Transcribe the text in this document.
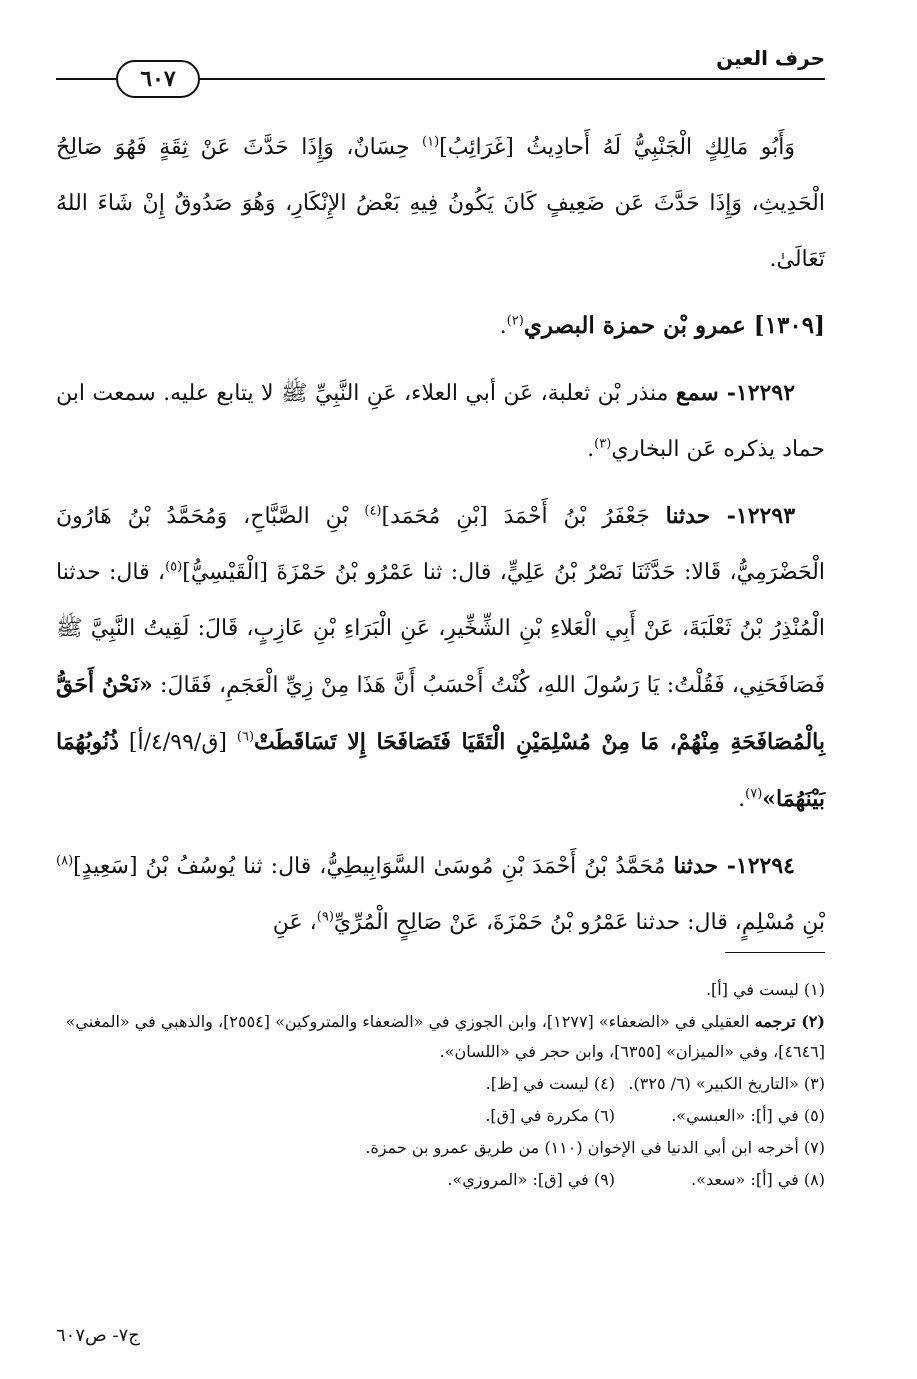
حرف العين
٦٠٧

وَأَبُو مَالِكٍ الْجَنْبِيُّ لَهُ أَحادِيثُ [غَرَائِبُ]$^{(١)}$ حِسَانٌ، وَإِذَا حَدَّثَ عَنْ ثِقَةٍ فَهُوَ صَالِحُ الْحَدِيثِ، وَإِذَا حَدَّثَ عَن ضَعِيفٍ كَانَ يَكُونُ فِيهِ بَعْضُ الإِنْكَارِ، وَهُوَ صَدُوقٌ إِنْ شَاءَ اللهُ تَعَالَىٰ.

[١٣٠٩] عمرو بْن حمزة البصري$^{(٢)}$.

١٢٢٩٢- سمع منذر بْن ثعلبة، عَن أبي العلاء، عَنِ النَّبِيِّ ﷺ لا يتابع عليه. سمعت ابن حماد يذكره عَن البخاري$^{(٣)}$.

١٢٢٩٣- حدثنا جَعْفَرُ بْنُ أَحْمَدَ [بْنِ مُحَمَد]$^{(٤)}$ بْنِ الصَّبَّاحِ، وَمُحَمَّدُ بْنُ هَارُونَ الْحَضْرَمِيُّ، قَالا: حَدَّثَنَا نَصْرُ بْنُ عَلِيٍّ، قال: ثنا عَمْرُو بْنُ حَمْزَةَ [الْقَيْسِيُّ]$^{(٥)}$، قال: حدثنا الْمُنْذِرُ بْنُ ثَعْلَبَةَ، عَنْ أَبِي الْعَلاءِ بْنِ الشِّخِّيرِ، عَنِ الْبَرَاءِ بْنِ عَازِبٍ، قَالَ: لَقِيتُ النَّبِيَّ ﷺ فَصَافَحَنِي، فَقُلْتُ: يَا رَسُولَ اللهِ، كُنْتُ أَحْسَبُ أَنَّ هَذَا مِنْ زِيِّ الْعَجَمِ، فَقَالَ: «نَحْنُ أَحَقُّ بِالْمُصَافَحَةِ مِنْهُمْ، مَا مِنْ مُسْلِمَيْنِ الْتَقَيَا فَتَصَافَحَا إِلا تَسَاقَطَتْ$^{(٦)}$ [ق/٤/٩٩/أ] ذُنُوبُهُمَا بَيْنَهُمَا»$^{(٧)}$.

١٢٢٩٤- حدثنا مُحَمَّدُ بْنُ أَحْمَدَ بْنِ مُوسَىٰ السَّوَابِيطِيُّ، قال: ثنا يُوسُفُ بْنُ [سَعِيدٍ]$^{(٨)}$ بْنِ مُسْلِمٍ، قال: حدثنا عَمْرُو بْنُ حَمْزَةَ، عَنْ صَالِحٍ الْمُرِّيِّ$^{(٩)}$، عَنِ

(١) ليست في [أ].

(٢) ترجمه العقيلي في «الضعفاء» [١٢٧٧]، وابن الجوزي في «الضعفاء والمتروكين» [٢٥٥٤]، والذهبي في «المغني» [٤٦٤٦]، وفي «الميزان» [٦٣٥٥]، وابن حجر في «اللسان».

(٣) «التاريخ الكبير» (٦/ ٣٢٥).

(٤) ليست في [ظ].

(٥) في [أ]: «العبسي».

(٦) مكررة في [ق].

(٧) أخرجه ابن أبي الدنيا في الإخوان (١١٠) من طريق عمرو بن حمزة.

(٨) في [أ]: «سعد».

(٩) في [ق]: «المروزي».

ج٧- ص٦٠٧
